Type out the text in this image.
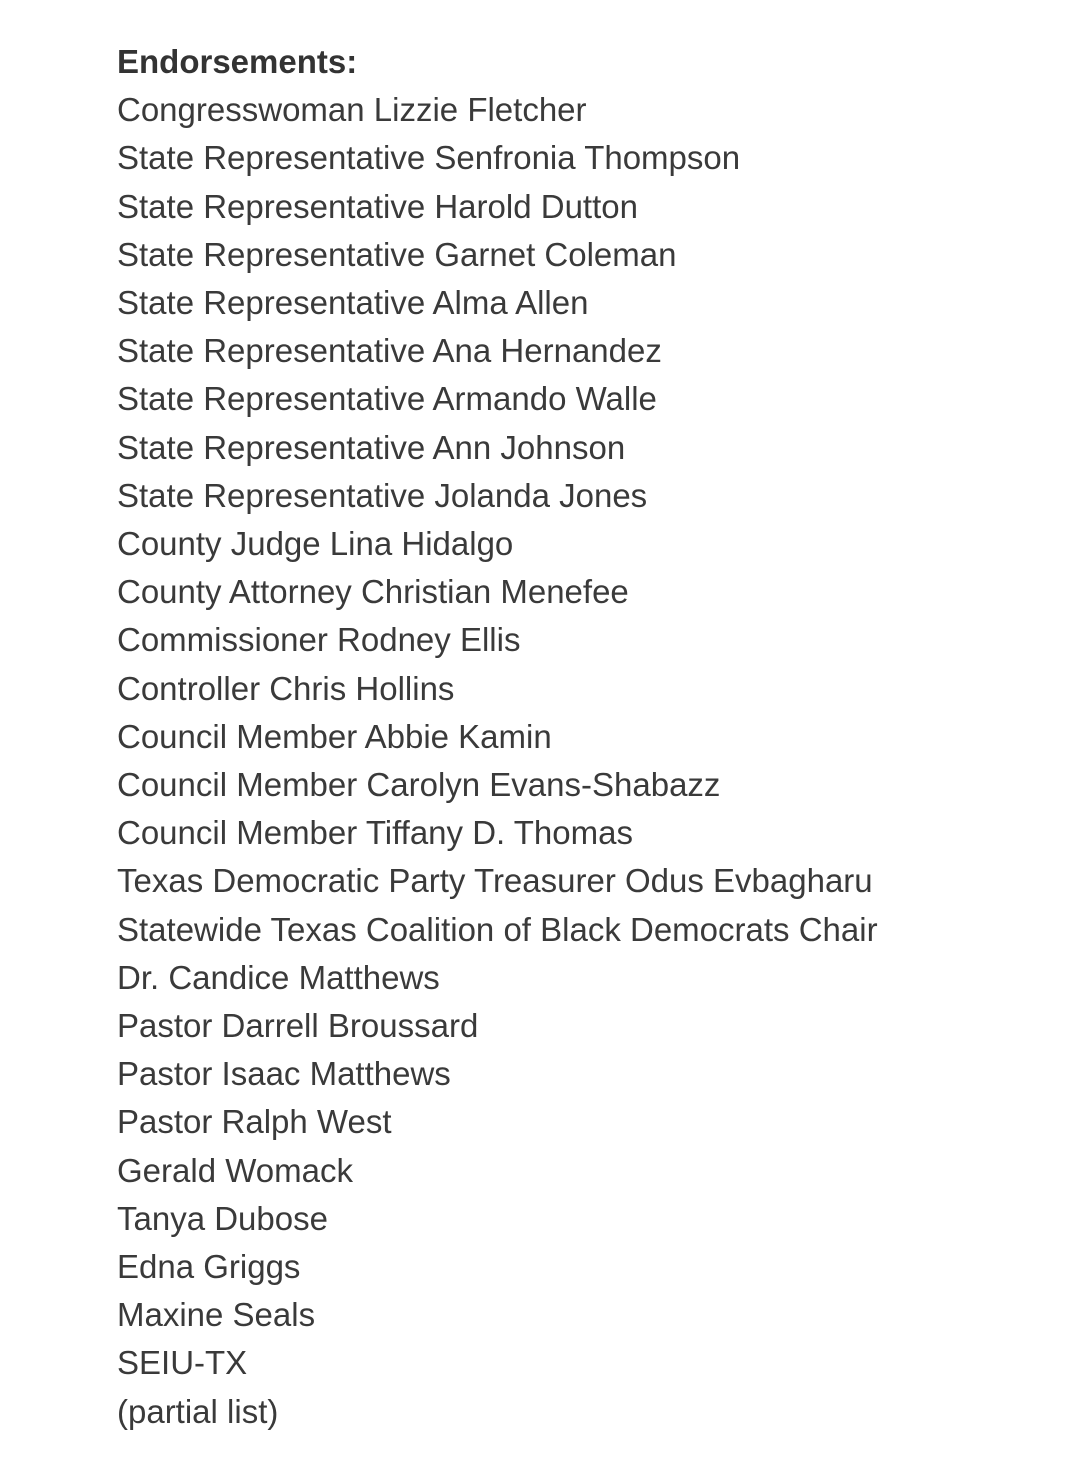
Endorsements:
Congresswoman Lizzie Fletcher
State Representative Senfronia Thompson
State Representative Harold Dutton
State Representative Garnet Coleman
State Representative Alma Allen
State Representative Ana Hernandez
State Representative Armando Walle
State Representative Ann Johnson
State Representative Jolanda Jones
County Judge Lina Hidalgo
County Attorney Christian Menefee
Commissioner Rodney Ellis
Controller Chris Hollins
Council Member Abbie Kamin
Council Member Carolyn Evans-Shabazz
Council Member Tiffany D. Thomas
Texas Democratic Party Treasurer Odus Evbagharu
Statewide Texas Coalition of Black Democrats Chair
Dr. Candice Matthews
Pastor Darrell Broussard
Pastor Isaac Matthews
Pastor Ralph West
Gerald Womack
Tanya Dubose
Edna Griggs
Maxine Seals
SEIU-TX
(partial list)
